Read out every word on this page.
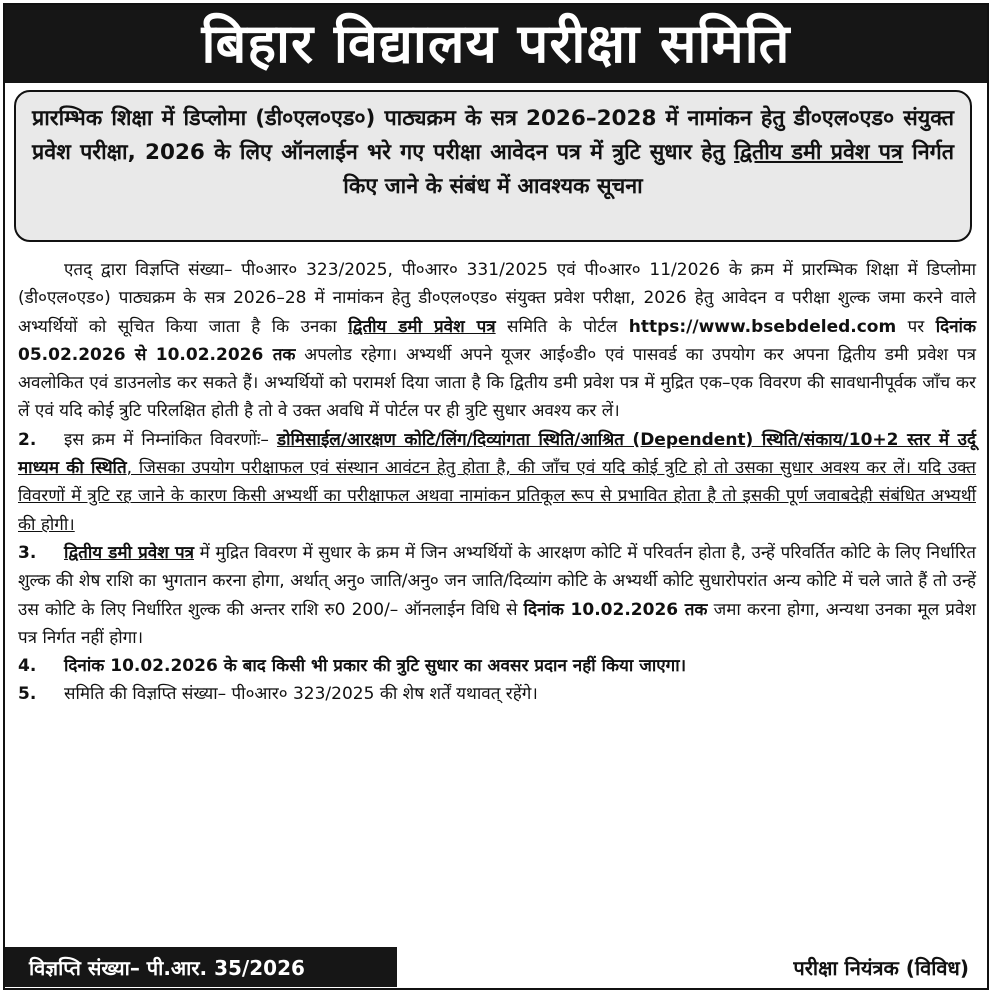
बिहार विद्यालय परीक्षा समिति
प्रारम्भिक शिक्षा में डिप्लोमा (डी०एल०एड०) पाठ्यक्रम के सत्र 2026–2028 में नामांकन हेतु डी०एल०एड० संयुक्त प्रवेश परीक्षा, 2026 के लिए ऑनलाईन भरे गए परीक्षा आवेदन पत्र में त्रुटि सुधार हेतु द्वितीय डमी प्रवेश पत्र निर्गत किए जाने के संबंध में आवश्यक सूचना

एतद् द्वारा विज्ञप्ति संख्या– पी०आर० 323/2025, पी०आर० 331/2025 एवं पी०आर० 11/2026 के क्रम में प्रारम्भिक शिक्षा में डिप्लोमा (डी०एल०एड०) पाठ्यक्रम के सत्र 2026–28 में नामांकन हेतु डी०एल०एड० संयुक्त प्रवेश परीक्षा, 2026 हेतु आवेदन व परीक्षा शुल्क जमा करने वाले अभ्यर्थियों को सूचित किया जाता है कि उनका द्वितीय डमी प्रवेश पत्र समिति के पोर्टल https://www.bsebdeled.com पर दिनांक 05.02.2026 से 10.02.2026 तक अपलोड रहेगा। अभ्यर्थी अपने यूजर आई०डी० एवं पासवर्ड का उपयोग कर अपना द्वितीय डमी प्रवेश पत्र अवलोकित एवं डाउनलोड कर सकते हैं। अभ्यर्थियों को परामर्श दिया जाता है कि द्वितीय डमी प्रवेश पत्र में मुद्रित एक–एक विवरण की सावधानीपूर्वक जाँच कर लें एवं यदि कोई त्रुटि परिलक्षित होती है तो वे उक्त अवधि में पोर्टल पर ही त्रुटि सुधार अवश्य कर लें।

2. इस क्रम में निम्नांकित विवरणोंः– डोमिसाईल/आरक्षण कोटि/लिंग/दिव्यांगता स्थिति/आश्रित (Dependent) स्थिति/संकाय/10+2 स्तर में उर्दू माध्यम की स्थिति, जिसका उपयोग परीक्षाफल एवं संस्थान आवंटन हेतु होता है, की जाँच एवं यदि कोई त्रुटि हो तो उसका सुधार अवश्य कर लें। यदि उक्त विवरणों में त्रुटि रह जाने के कारण किसी अभ्यर्थी का परीक्षाफल अथवा नामांकन प्रतिकूल रूप से प्रभावित होता है तो इसकी पूर्ण जवाबदेही संबंधित अभ्यर्थी की होगी।

3. द्वितीय डमी प्रवेश पत्र में मुद्रित विवरण में सुधार के क्रम में जिन अभ्यर्थियों के आरक्षण कोटि में परिवर्तन होता है, उन्हें परिवर्तित कोटि के लिए निर्धारित शुल्क की शेष राशि का भुगतान करना होगा, अर्थात् अनु० जाति/अनु० जन जाति/दिव्यांग कोटि के अभ्यर्थी कोटि सुधारोपरांत अन्य कोटि में चले जाते हैं तो उन्हें उस कोटि के लिए निर्धारित शुल्क की अन्तर राशि रु0 200/– ऑनलाईन विधि से दिनांक 10.02.2026 तक जमा करना होगा, अन्यथा उनका मूल प्रवेश पत्र निर्गत नहीं होगा।

4. दिनांक 10.02.2026 के बाद किसी भी प्रकार की त्रुटि सुधार का अवसर प्रदान नहीं किया जाएगा।

5. समिति की विज्ञप्ति संख्या– पी०आर० 323/2025 की शेष शर्तें यथावत् रहेंगे।

विज्ञप्ति संख्या– पी.आर. 35/2026	परीक्षा नियंत्रक (विविध)
